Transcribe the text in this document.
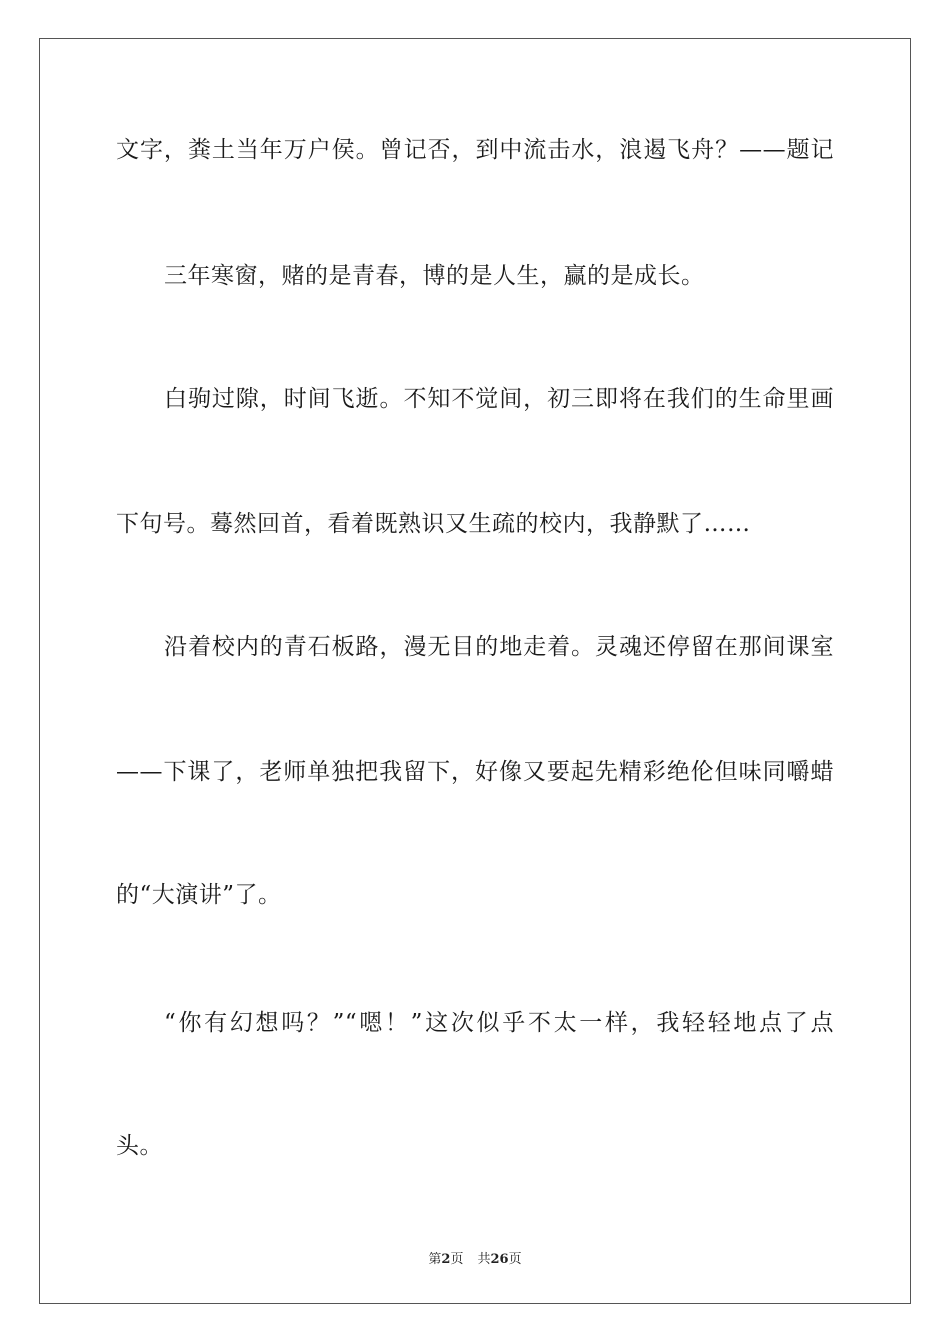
文字，粪土当年万户侯。曾记否，到中流击水，浪遏飞舟？——题记
三年寒窗，赌的是青春，博的是人生，赢的是成长。
白驹过隙，时间飞逝。不知不觉间，初三即将在我们的生命里画
下句号。蓦然回首，看着既熟识又生疏的校内，我静默了……
沿着校内的青石板路，漫无目的地走着。灵魂还停留在那间课室
——下课了，老师单独把我留下，好像又要起先精彩绝伦但味同嚼蜡
的“大演讲”了。
“你有幻想吗？”“嗯！”这次似乎不太一样，我轻轻地点了点
头。
第2页 共26页
